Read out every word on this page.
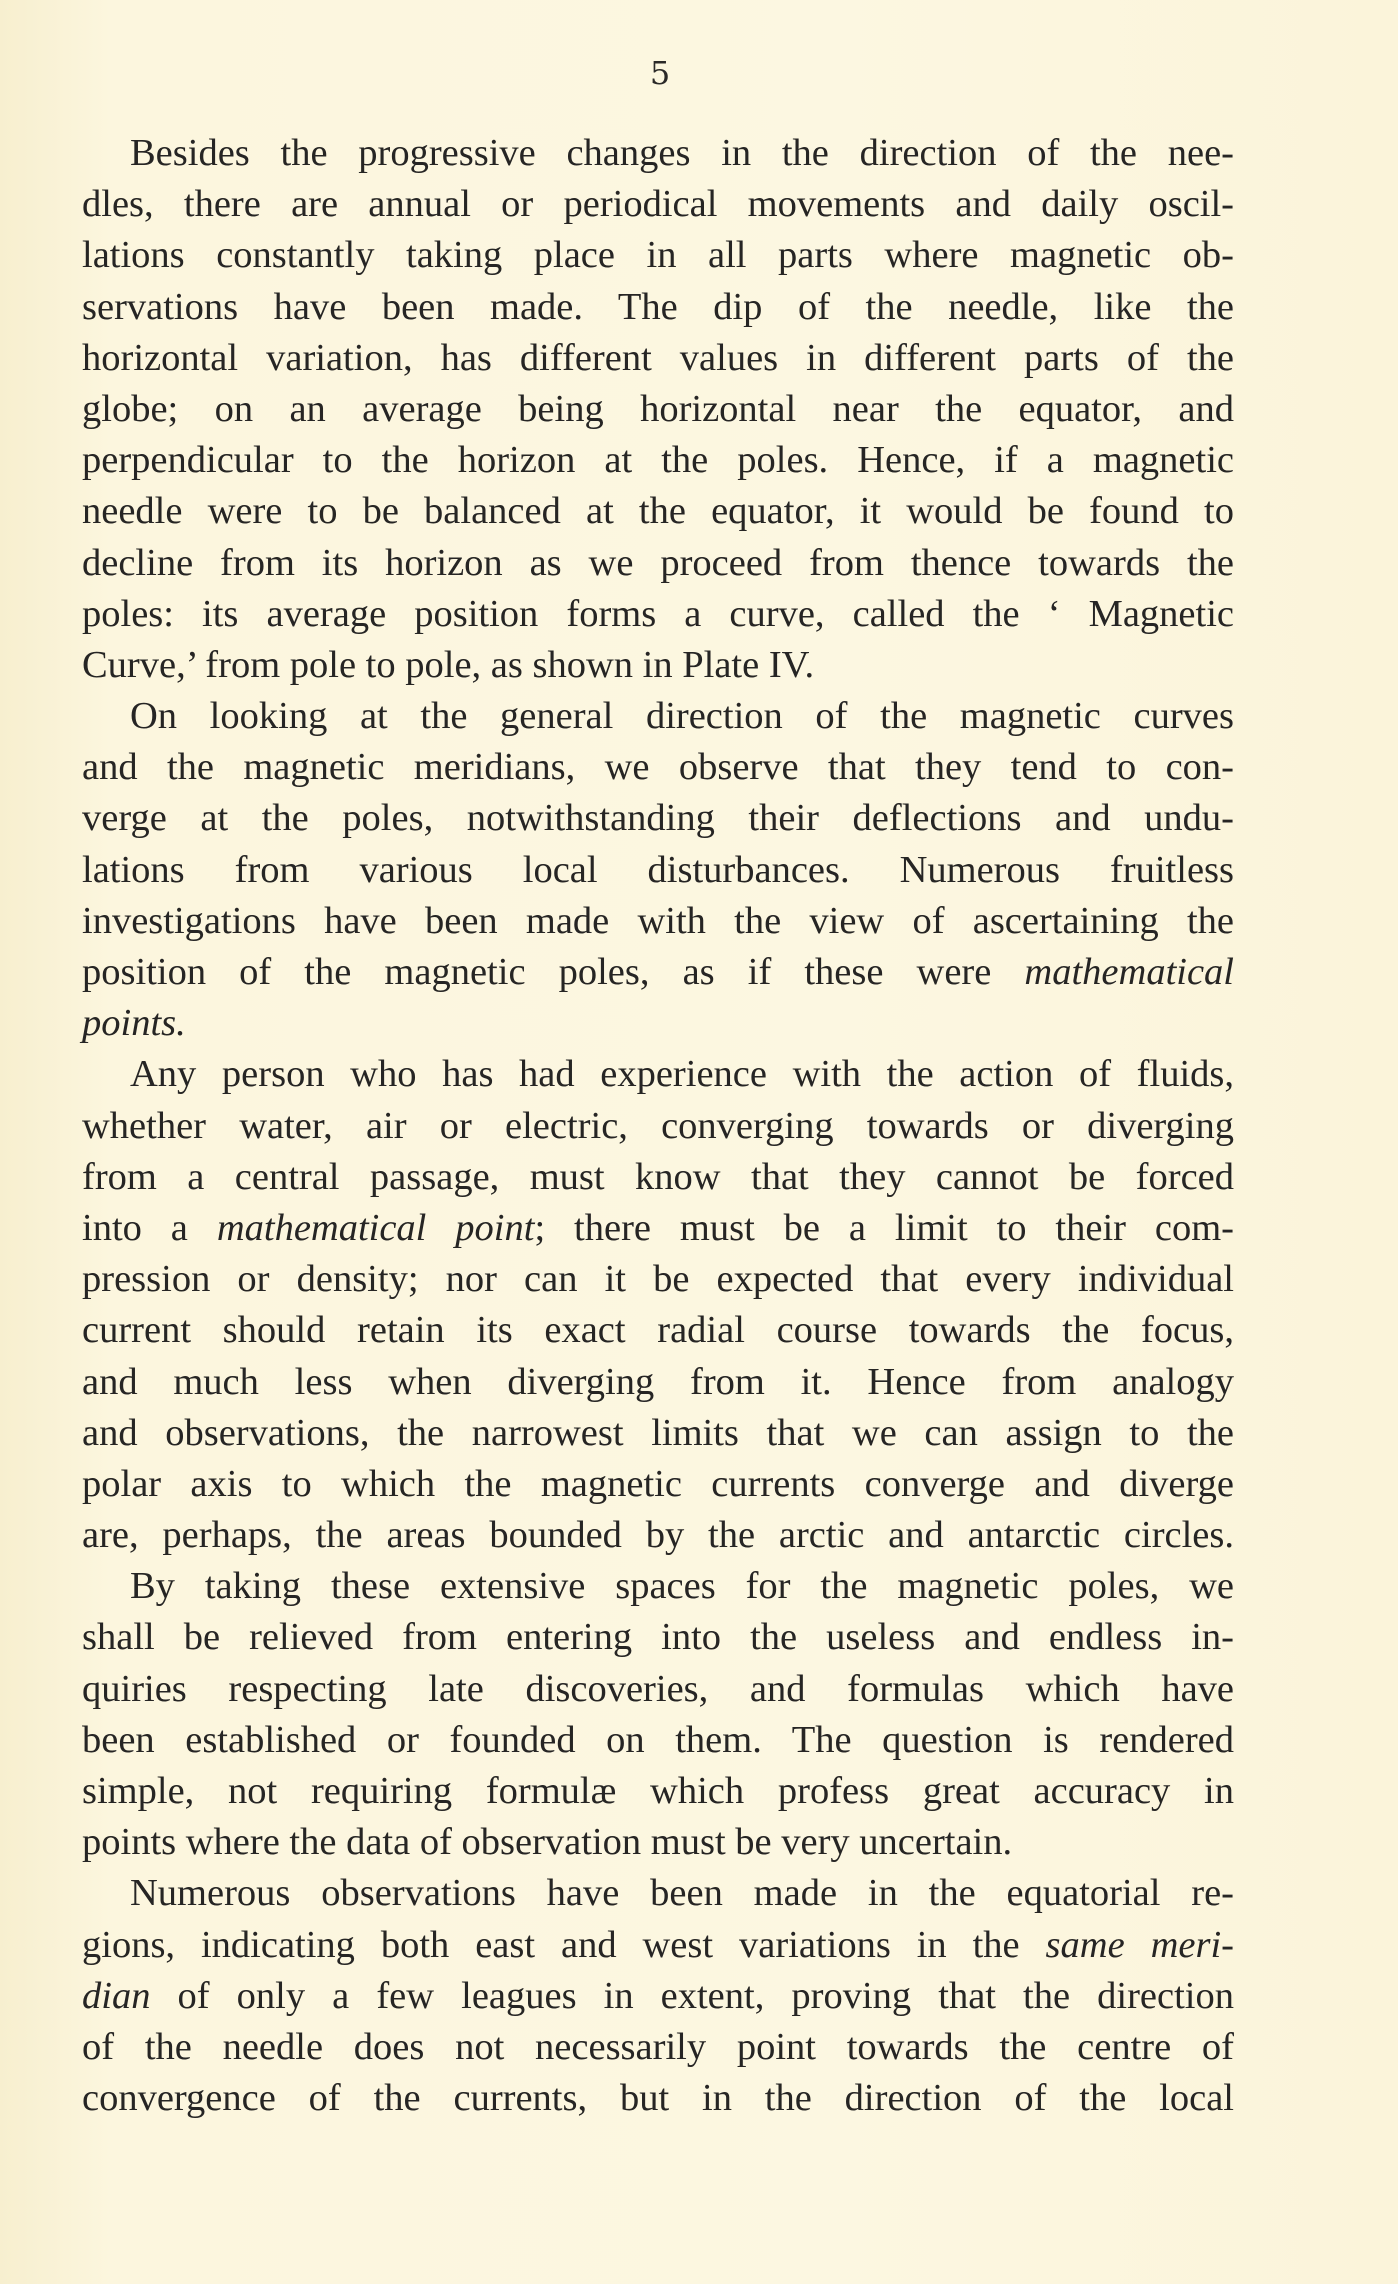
5
Besides the progressive changes in the direction of the nee-
dles, there are annual or periodical movements and daily oscil-
lations constantly taking place in all parts where magnetic ob-
servations have been made. The dip of the needle, like the
horizontal variation, has different values in different parts of the
globe; on an average being horizontal near the equator, and
perpendicular to the horizon at the poles. Hence, if a magnetic
needle were to be balanced at the equator, it would be found to
decline from its horizon as we proceed from thence towards the
poles: its average position forms a curve, called the ‘ Magnetic
Curve,’ from pole to pole, as shown in Plate IV.
On looking at the general direction of the magnetic curves
and the magnetic meridians, we observe that they tend to con-
verge at the poles, notwithstanding their deflections and undu-
lations from various local disturbances. Numerous fruitless
investigations have been made with the view of ascertaining the
position of the magnetic poles, as if these were mathematical
points.
Any person who has had experience with the action of fluids,
whether water, air or electric, converging towards or diverging
from a central passage, must know that they cannot be forced
into a mathematical point; there must be a limit to their com-
pression or density; nor can it be expected that every individual
current should retain its exact radial course towards the focus,
and much less when diverging from it. Hence from analogy
and observations, the narrowest limits that we can assign to the
polar axis to which the magnetic currents converge and diverge
are, perhaps, the areas bounded by the arctic and antarctic circles.
By taking these extensive spaces for the magnetic poles, we
shall be relieved from entering into the useless and endless in-
quiries respecting late discoveries, and formulas which have
been established or founded on them. The question is rendered
simple, not requiring formulæ which profess great accuracy in
points where the data of observation must be very uncertain.
Numerous observations have been made in the equatorial re-
gions, indicating both east and west variations in the same meri-
dian of only a few leagues in extent, proving that the direction
of the needle does not necessarily point towards the centre of
convergence of the currents, but in the direction of the local
